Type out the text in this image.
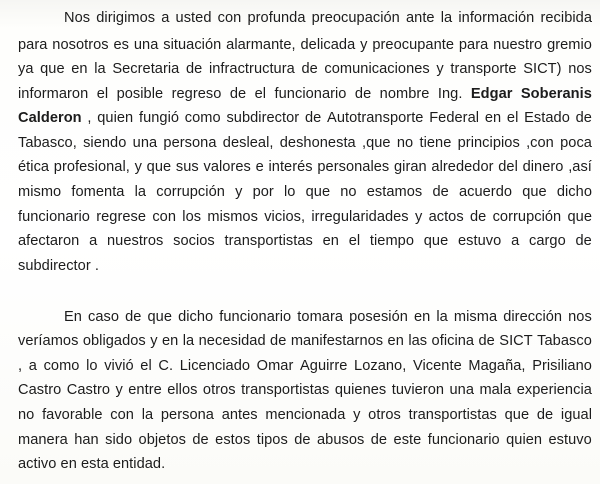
Nos dirigimos a usted con profunda preocupación ante la información recibida
para nosotros es una situación alarmante, delicada y preocupante para nuestro gremio
ya que en la Secretaria de infractructura de comunicaciones y transporte SICT) nos
informaron el posible regreso de el funcionario de nombre Ing. Edgar Soberanis
Calderon , quien fungió como subdirector de Autotransporte Federal en el Estado de
Tabasco, siendo una persona desleal, deshonesta ,que no tiene principios ,con poca
ética profesional, y que sus valores e interés personales giran alrededor del dinero ,así
mismo fomenta la corrupción y por lo que no estamos de acuerdo que dicho
funcionario regrese con los mismos vicios, irregularidades y actos de corrupción que
afectaron a nuestros socios transportistas en el tiempo que estuvo a cargo de
subdirector .
En caso de que dicho funcionario tomara posesión en la misma dirección nos
veríamos obligados y en la necesidad de manifestarnos en las oficina de SICT Tabasco
, a como lo vivió el C. Licenciado Omar Aguirre Lozano, Vicente Magaña, Prisiliano
Castro Castro y entre ellos otros transportistas quienes tuvieron una mala experiencia
no favorable con la persona antes mencionada y otros transportistas que de igual
manera han sido objetos de estos tipos de abusos de este funcionario quien estuvo
activo en esta entidad.
